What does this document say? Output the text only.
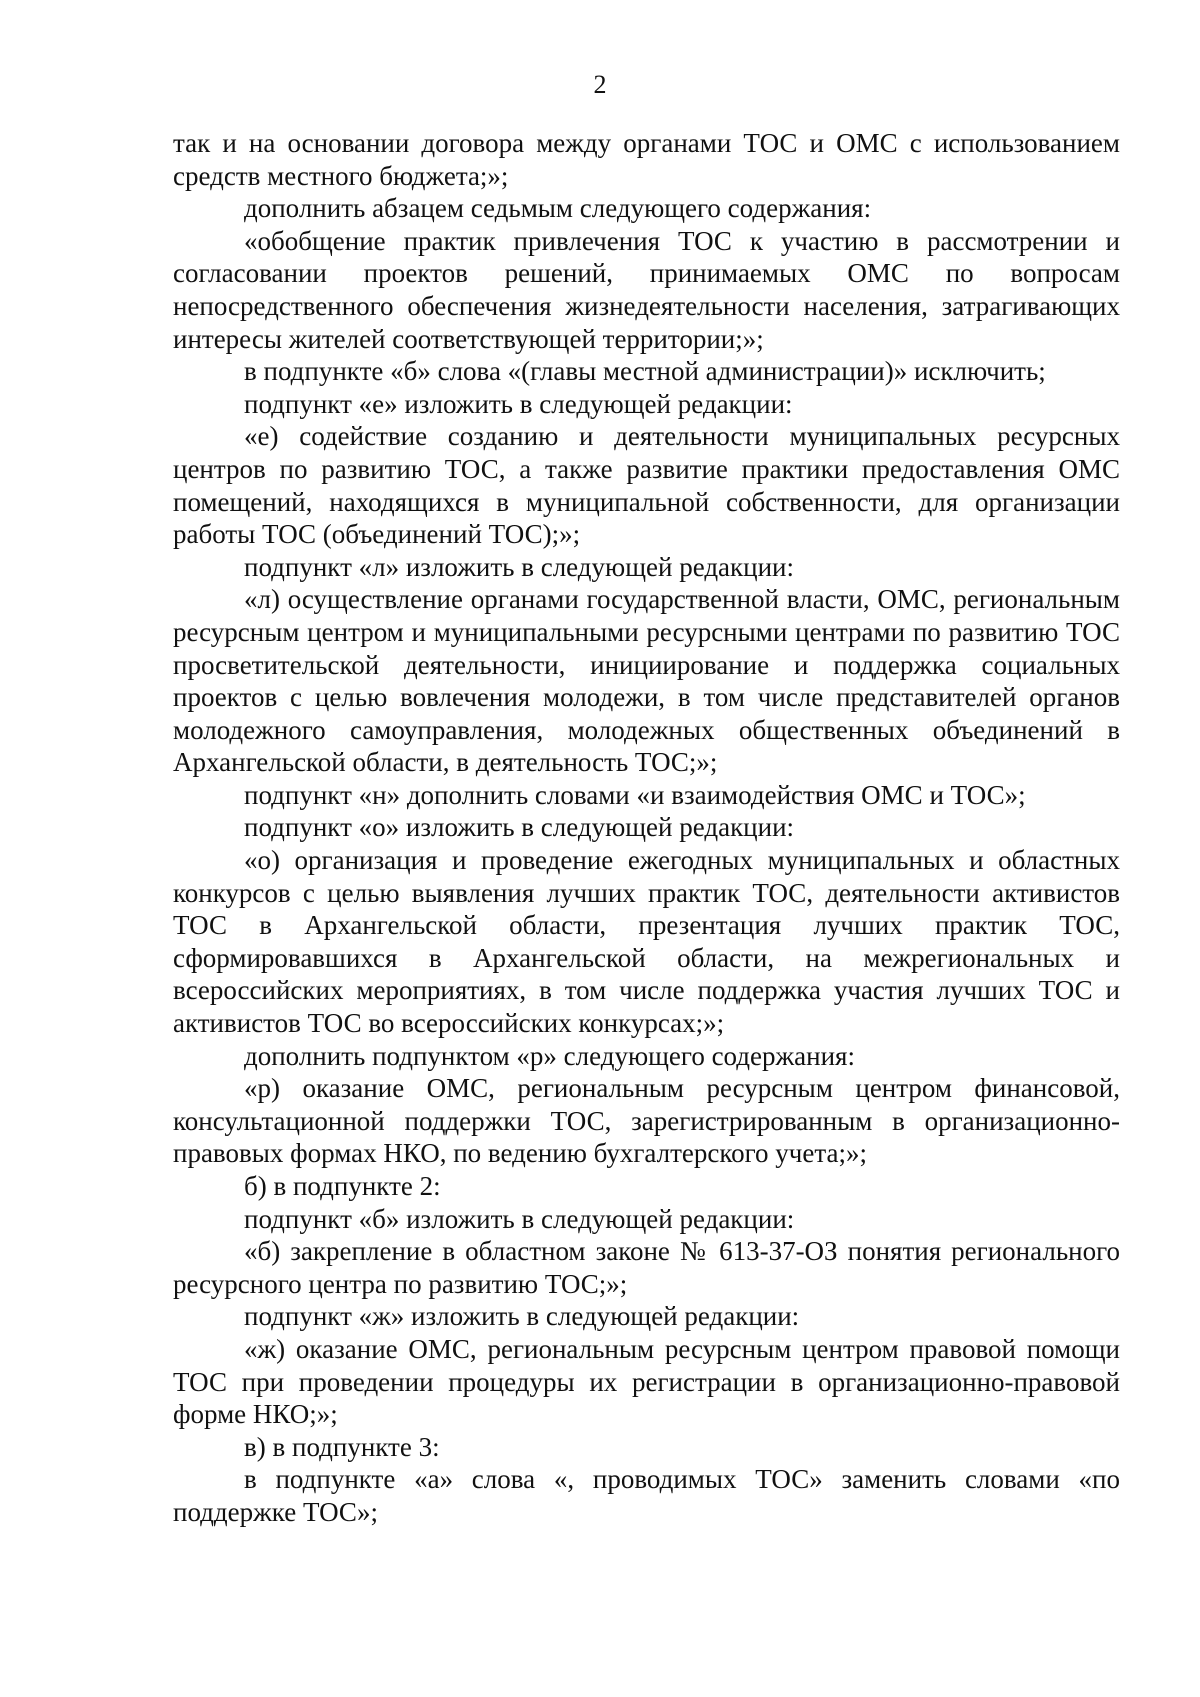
2

так и на основании договора между органами ТОС и ОМС с использованием средств местного бюджета;»;

дополнить абзацем седьмым следующего содержания:

«обобщение практик привлечения ТОС к участию в рассмотрении и согласовании проектов решений, принимаемых ОМС по вопросам непосредственного обеспечения жизнедеятельности населения, затрагивающих интересы жителей соответствующей территории;»;

в подпункте «б» слова «(главы местной администрации)» исключить;

подпункт «е» изложить в следующей редакции:

«е) содействие созданию и деятельности муниципальных ресурсных центров по развитию ТОС, а также развитие практики предоставления ОМС помещений, находящихся в муниципальной собственности, для организации работы ТОС (объединений ТОС);»;

подпункт «л» изложить в следующей редакции:

«л) осуществление органами государственной власти, ОМС, региональным ресурсным центром и муниципальными ресурсными центрами по развитию ТОС просветительской деятельности, инициирование и поддержка социальных проектов с целью вовлечения молодежи, в том числе представителей органов молодежного самоуправления, молодежных общественных объединений в Архангельской области, в деятельность ТОС;»;

подпункт «н» дополнить словами «и взаимодействия ОМС и ТОС»;

подпункт «о» изложить в следующей редакции:

«о) организация и проведение ежегодных муниципальных и областных конкурсов с целью выявления лучших практик ТОС, деятельности активистов ТОС в Архангельской области, презентация лучших практик ТОС, сформировавшихся в Архангельской области, на межрегиональных и всероссийских мероприятиях, в том числе поддержка участия лучших ТОС и активистов ТОС во всероссийских конкурсах;»;

дополнить подпунктом «р» следующего содержания:

«р) оказание ОМС, региональным ресурсным центром финансовой, консультационной поддержки ТОС, зарегистрированным в организационно-правовых формах НКО, по ведению бухгалтерского учета;»;

б) в подпункте 2:

подпункт «б» изложить в следующей редакции:

«б) закрепление в областном законе № 613-37-ОЗ понятия регионального ресурсного центра по развитию ТОС;»;

подпункт «ж» изложить в следующей редакции:

«ж) оказание ОМС, региональным ресурсным центром правовой помощи ТОС при проведении процедуры их регистрации в организационно-правовой форме НКО;»;

в) в подпункте 3:

в подпункте «а» слова «, проводимых ТОС» заменить словами «по поддержке ТОС»;
